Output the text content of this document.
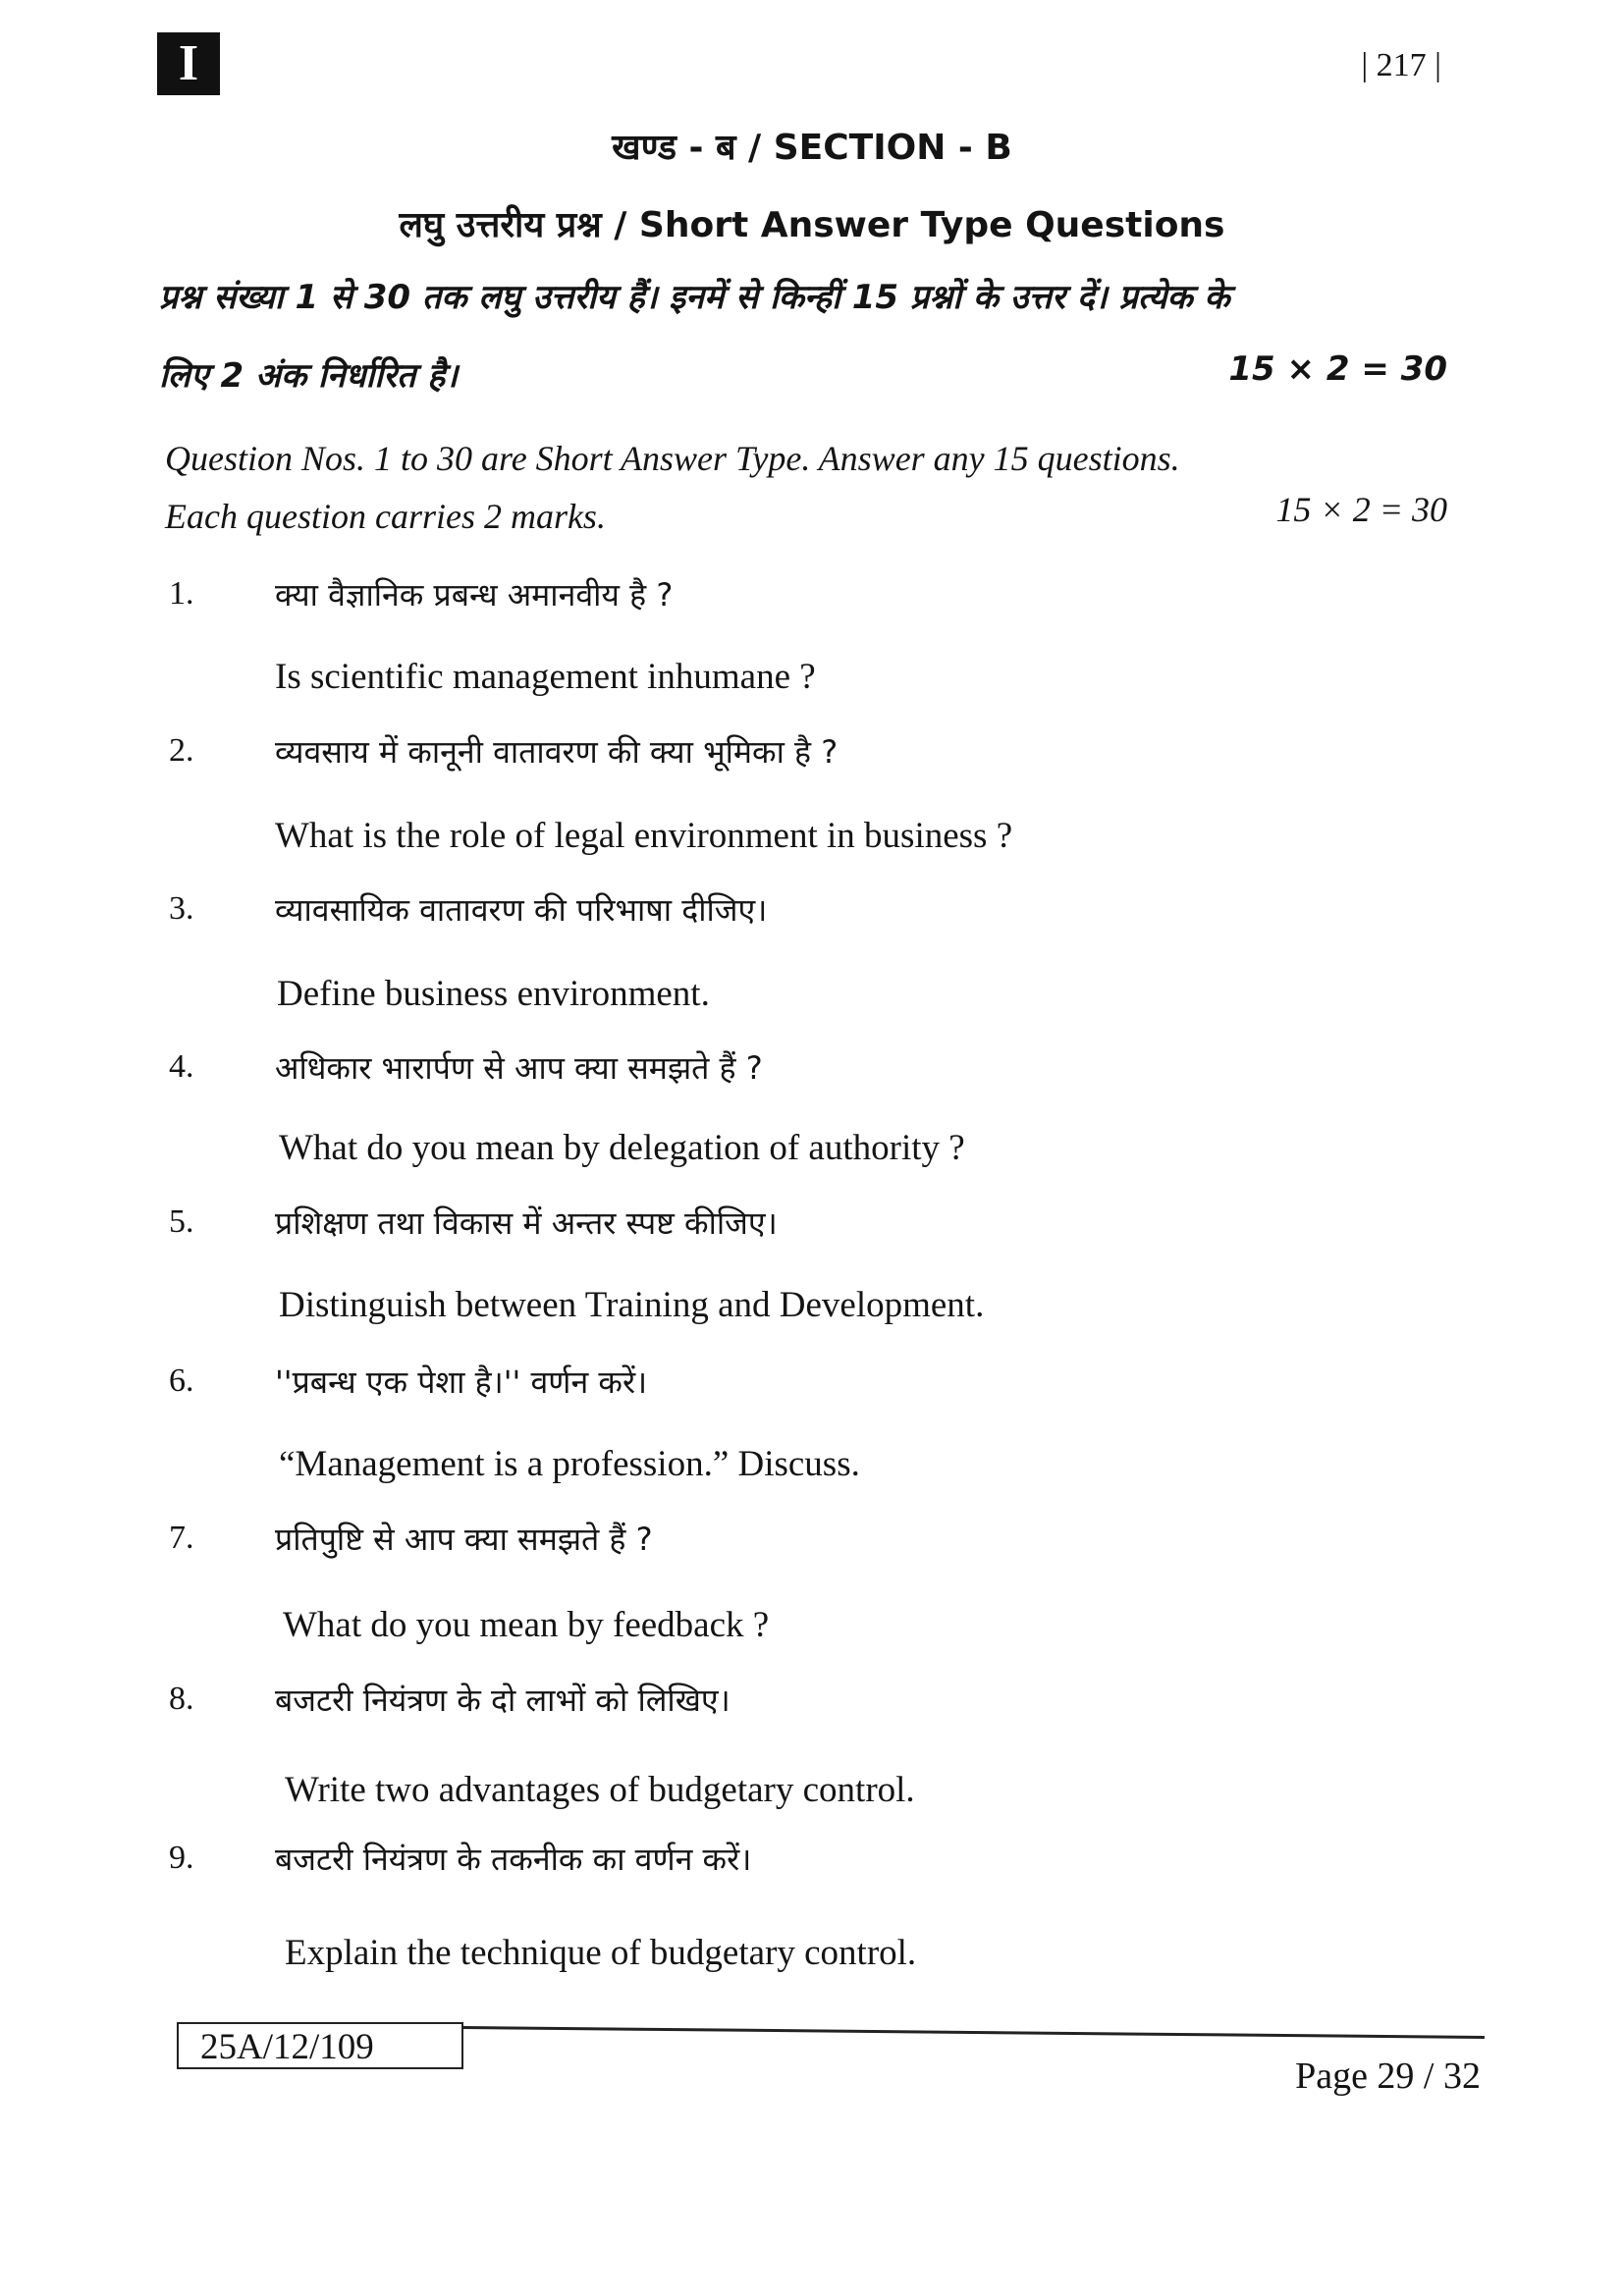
I	| 217 |
खण्ड - ब / SECTION - B
लघु उत्तरीय प्रश्न / Short Answer Type Questions
प्रश्न संख्या 1 से 30 तक लघु उत्तरीय हैं। इनमें से किन्हीं 15 प्रश्नों के उत्तर दें। प्रत्येक के
लिए 2 अंक निर्धारित है।	15 × 2 = 30
Question Nos. 1 to 30 are Short Answer Type. Answer any 15 questions.
Each question carries 2 marks.	15 × 2 = 30
1.	क्या वैज्ञानिक प्रबन्ध अमानवीय है ?
Is scientific management inhumane ?
2.	व्यवसाय में कानूनी वातावरण की क्या भूमिका है ?
What is the role of legal environment in business ?
3.	व्यावसायिक वातावरण की परिभाषा दीजिए।
Define business environment.
4.	अधिकार भारार्पण से आप क्या समझते हैं ?
What do you mean by delegation of authority ?
5.	प्रशिक्षण तथा विकास में अन्तर स्पष्ट कीजिए।
Distinguish between Training and Development.
6.	''प्रबन्ध एक पेशा है।'' वर्णन करें।
“Management is a profession.” Discuss.
7.	प्रतिपुष्टि से आप क्या समझते हैं ?
What do you mean by feedback ?
8.	बजटरी नियंत्रण के दो लाभों को लिखिए।
Write two advantages of budgetary control.
9.	बजटरी नियंत्रण के तकनीक का वर्णन करें।
Explain the technique of budgetary control.
25A/12/109
Page 29 / 32
